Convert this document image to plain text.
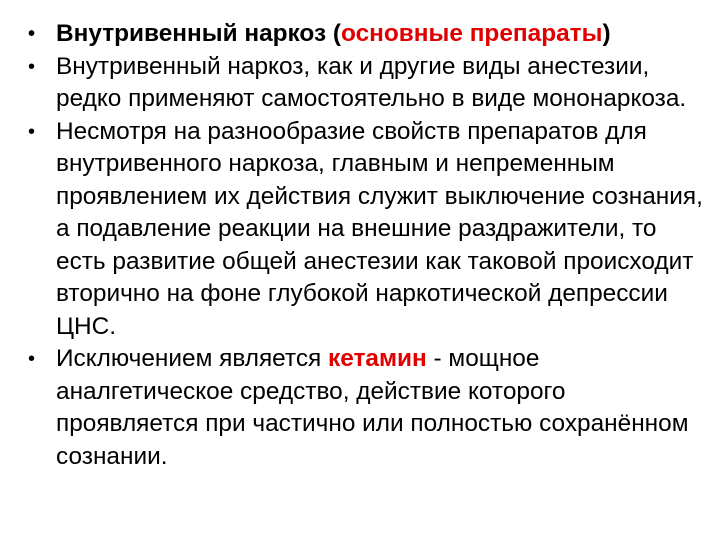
• Внутривенный наркоз (основные препараты)
• Внутривенный наркоз, как и другие виды анестезии, редко применяют самостоятельно в виде мононаркоза.
• Несмотря на разнообразие свойств препаратов для внутривенного наркоза, главным и непременным проявлением их действия служит выключение сознания, а подавление реакции на внешние раздражители, то есть развитие общей анестезии как таковой происходит вторично на фоне глубокой наркотической депрессии ЦНС.
• Исключением является кетамин - мощное аналгетическое средство, действие которого проявляется при частично или полностью сохранённом сознании.
